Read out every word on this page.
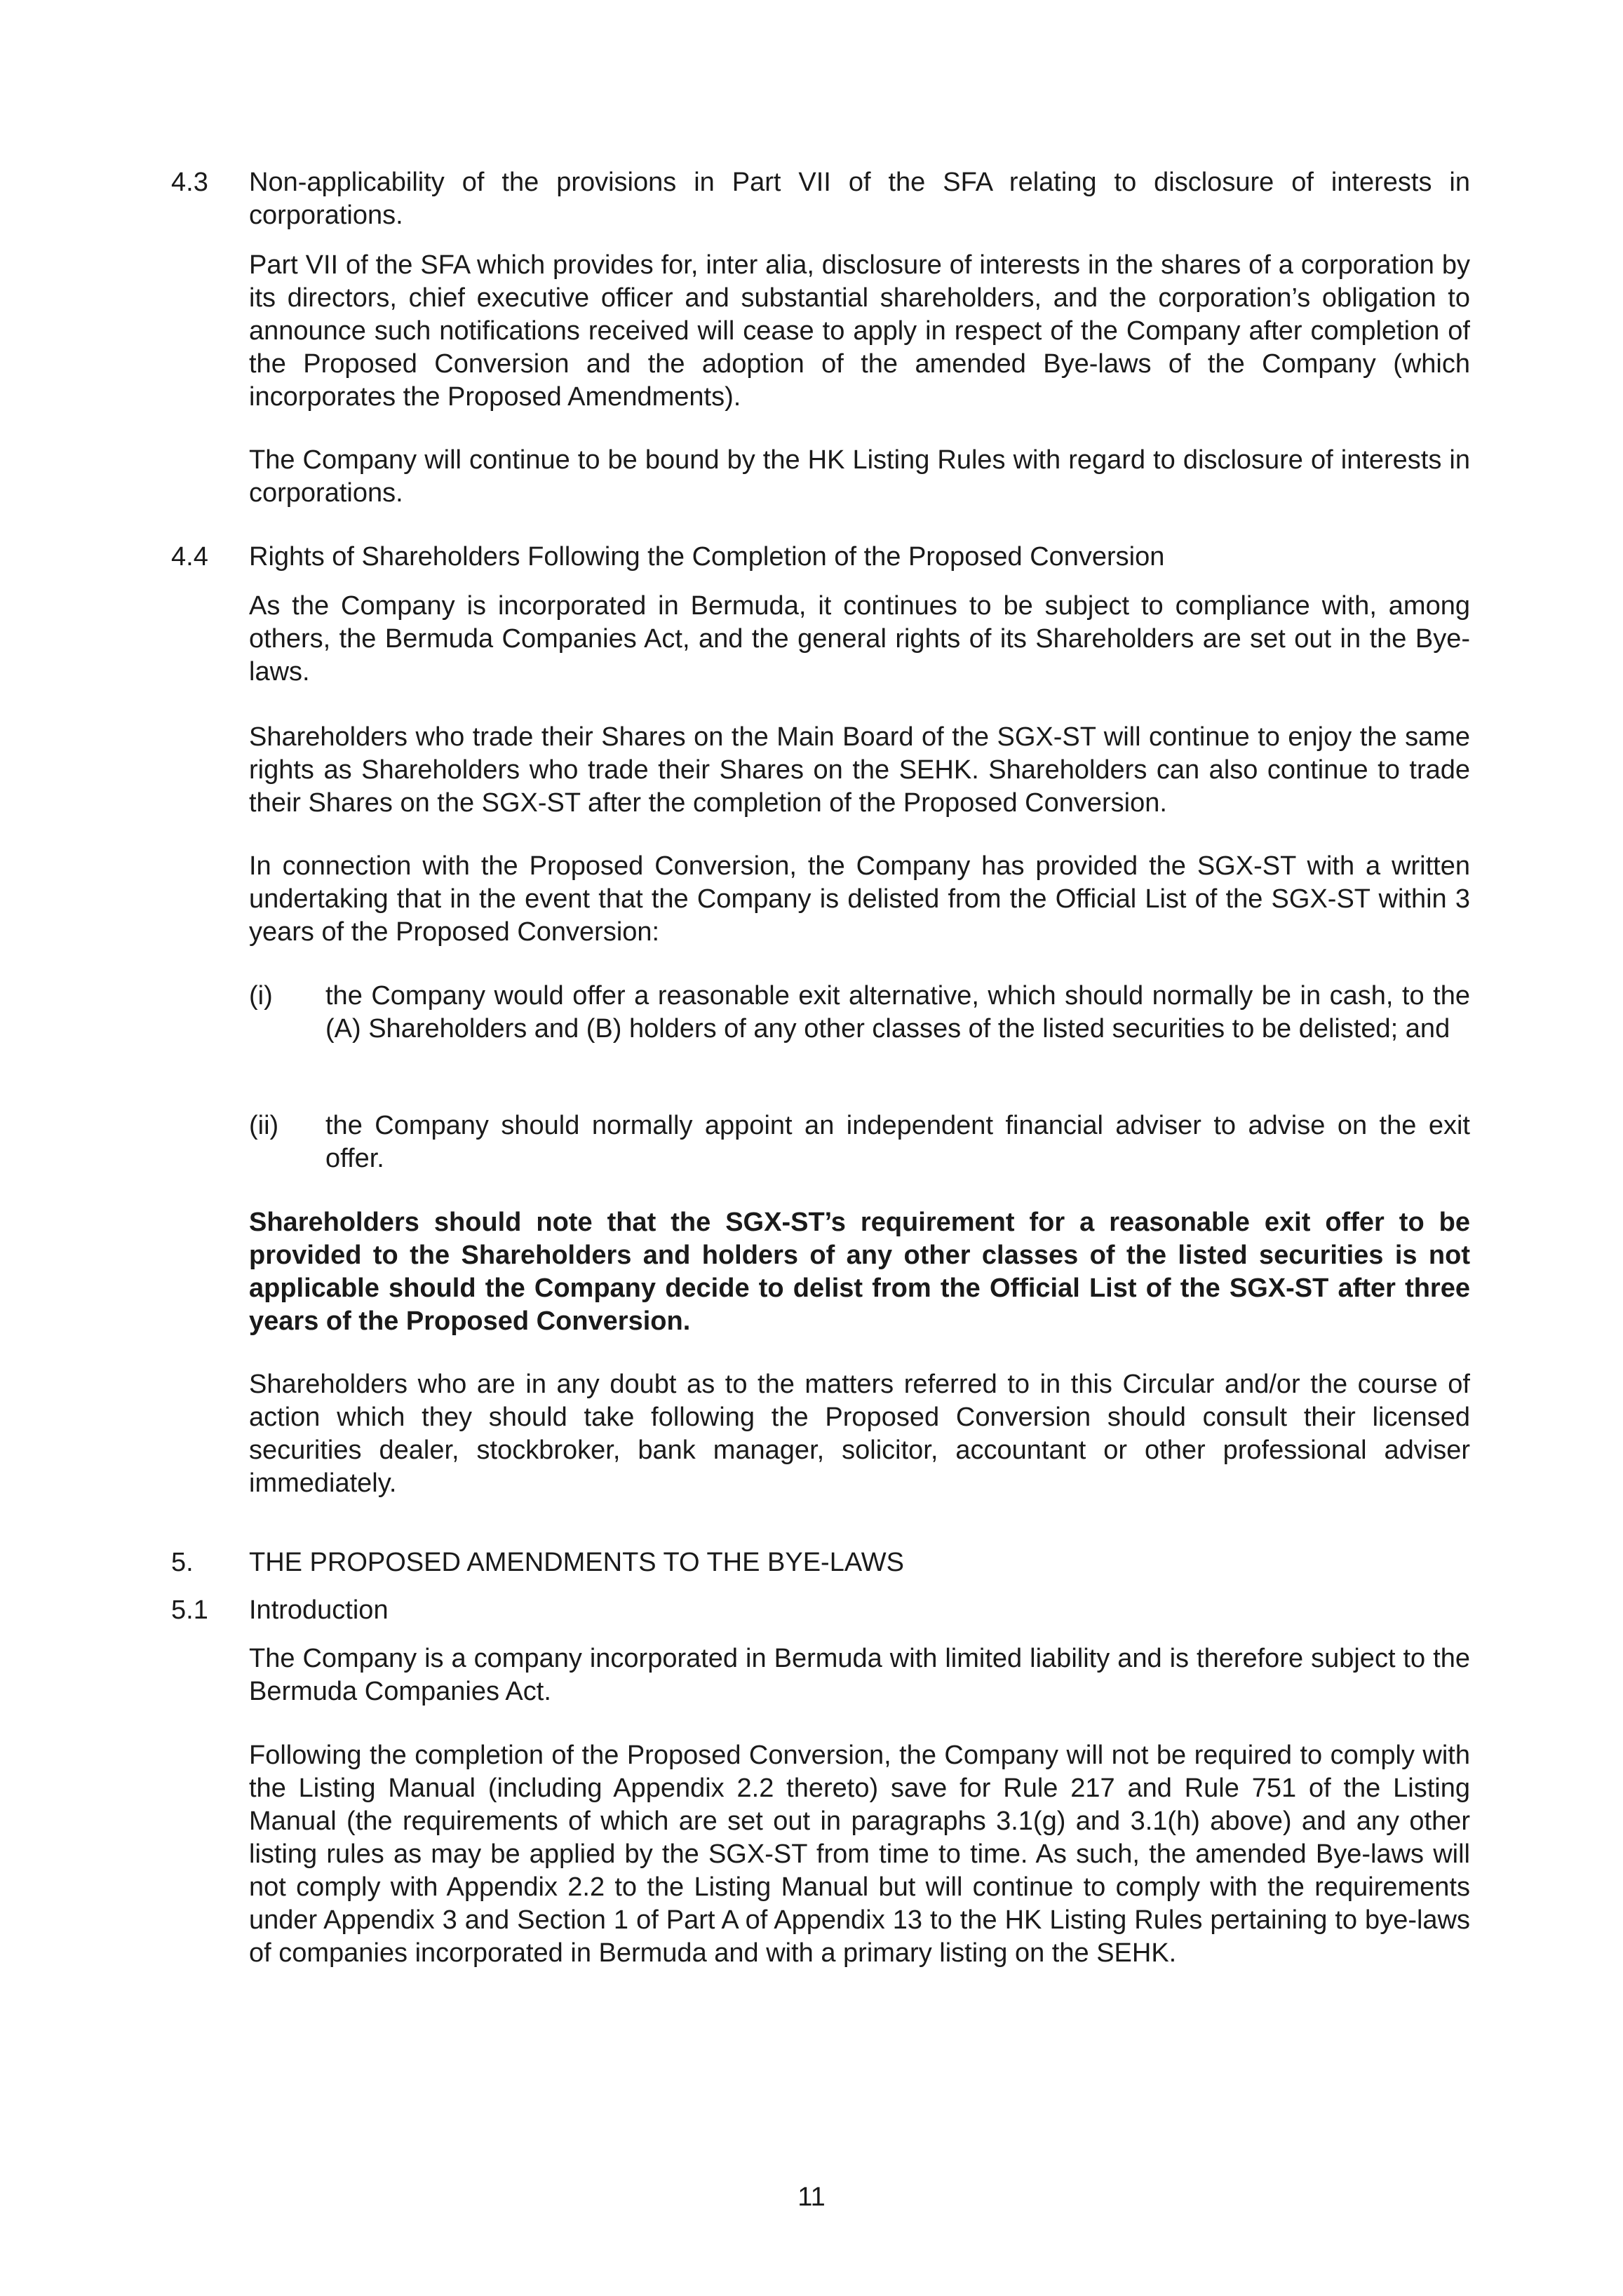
4.3	Non-applicability of the provisions in Part VII of the SFA relating to disclosure of interests in corporations.
Part VII of the SFA which provides for, inter alia, disclosure of interests in the shares of a corporation by its directors, chief executive officer and substantial shareholders, and the corporation’s obligation to announce such notifications received will cease to apply in respect of the Company after completion of the Proposed Conversion and the adoption of the amended Bye-laws of the Company (which incorporates the Proposed Amendments).
The Company will continue to be bound by the HK Listing Rules with regard to disclosure of interests in corporations.
4.4	Rights of Shareholders Following the Completion of the Proposed Conversion
As the Company is incorporated in Bermuda, it continues to be subject to compliance with, among others, the Bermuda Companies Act, and the general rights of its Shareholders are set out in the Bye-laws.
Shareholders who trade their Shares on the Main Board of the SGX-ST will continue to enjoy the same rights as Shareholders who trade their Shares on the SEHK. Shareholders can also continue to trade their Shares on the SGX-ST after the completion of the Proposed Conversion.
In connection with the Proposed Conversion, the Company has provided the SGX-ST with a written undertaking that in the event that the Company is delisted from the Official List of the SGX-ST within 3 years of the Proposed Conversion:
(i)	the Company would offer a reasonable exit alternative, which should normally be in cash, to the (A) Shareholders and (B) holders of any other classes of the listed securities to be delisted; and
(ii)	the Company should normally appoint an independent financial adviser to advise on the exit offer.
Shareholders should note that the SGX-ST’s requirement for a reasonable exit offer to be provided to the Shareholders and holders of any other classes of the listed securities is not applicable should the Company decide to delist from the Official List of the SGX-ST after three years of the Proposed Conversion.
Shareholders who are in any doubt as to the matters referred to in this Circular and/or the course of action which they should take following the Proposed Conversion should consult their licensed securities dealer, stockbroker, bank manager, solicitor, accountant or other professional adviser immediately.
5.	THE PROPOSED AMENDMENTS TO THE BYE-LAWS
5.1	Introduction
The Company is a company incorporated in Bermuda with limited liability and is therefore subject to the Bermuda Companies Act.
Following the completion of the Proposed Conversion, the Company will not be required to comply with the Listing Manual (including Appendix 2.2 thereto) save for Rule 217 and Rule 751 of the Listing Manual (the requirements of which are set out in paragraphs 3.1(g) and 3.1(h) above) and any other listing rules as may be applied by the SGX-ST from time to time. As such, the amended Bye-laws will not comply with Appendix 2.2 to the Listing Manual but will continue to comply with the requirements under Appendix 3 and Section 1 of Part A of Appendix 13 to the HK Listing Rules pertaining to bye-laws of companies incorporated in Bermuda and with a primary listing on the SEHK.
11
